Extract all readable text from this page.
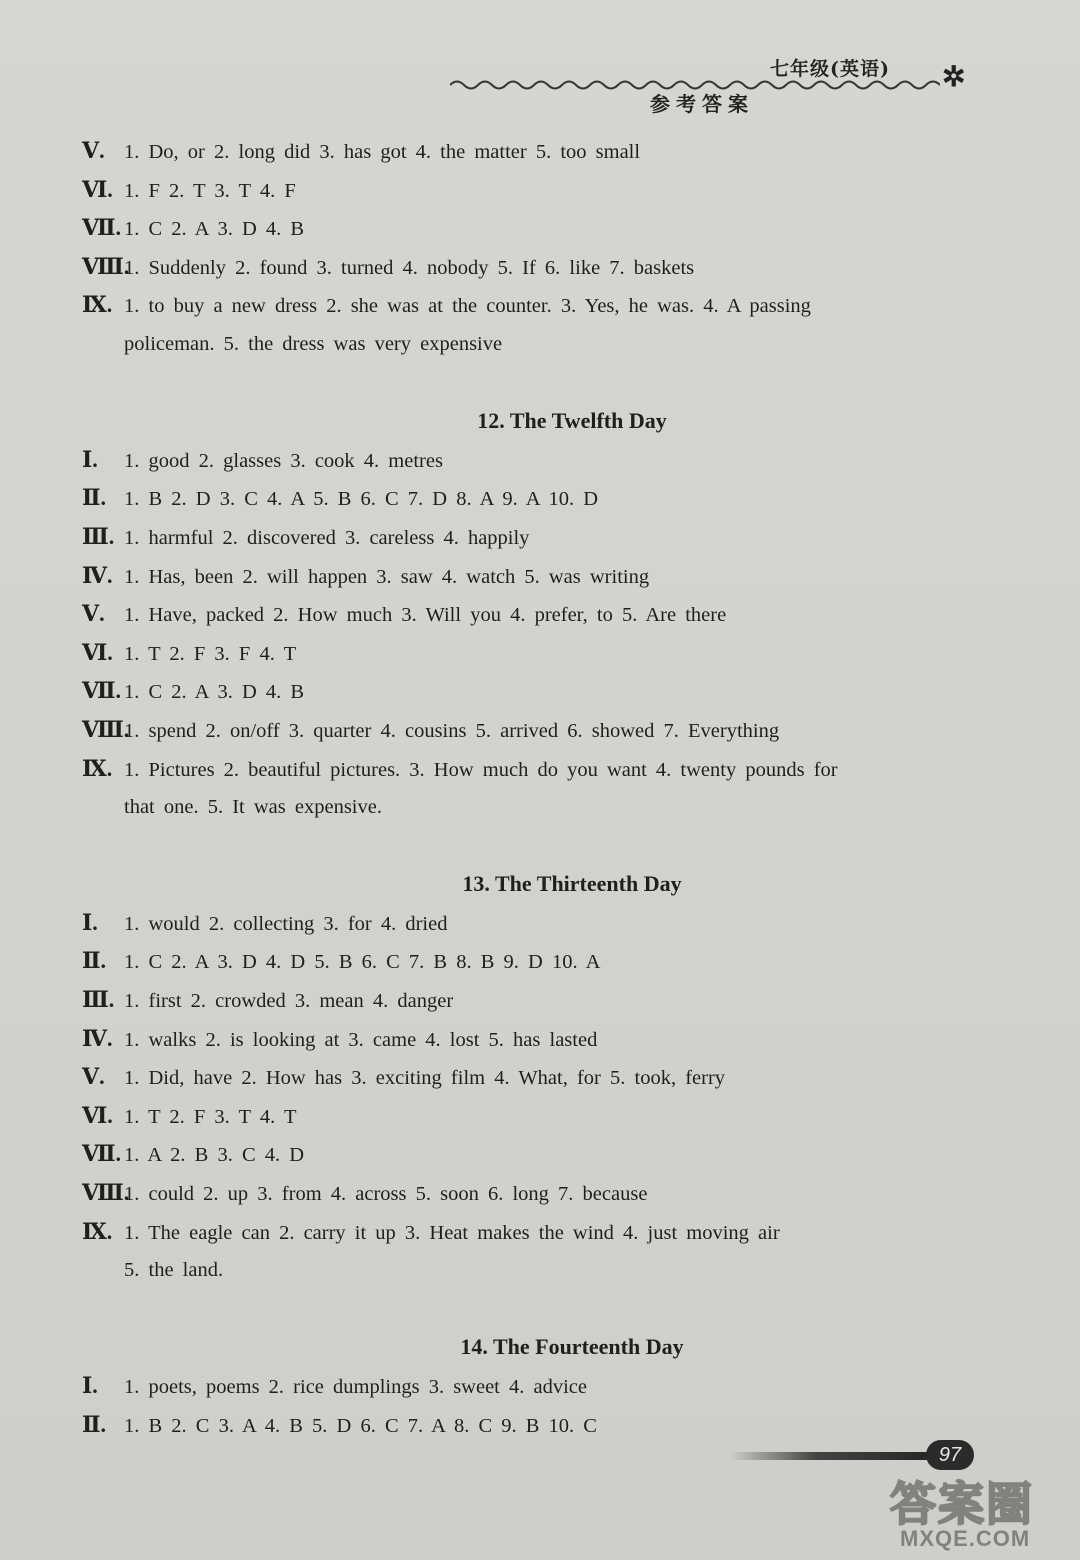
七年级(英语) ✲
参考答案
Ⅴ. 1. Do, or 2. long did 3. has got 4. the matter 5. too small
Ⅵ. 1. F 2. T 3. T 4. F
Ⅶ. 1. C 2. A 3. D 4. B
Ⅷ.1. Suddenly 2. found 3. turned 4. nobody 5. If 6. like 7. baskets
Ⅸ. 1. to buy a new dress 2. she was at the counter. 3. Yes, he was. 4. A passing
policeman. 5. the dress was very expensive
12. The Twelfth Day
Ⅰ. 1. good 2. glasses 3. cook 4. metres
Ⅱ. 1. B 2. D 3. C 4. A 5. B 6. C 7. D 8. A 9. A 10. D
Ⅲ. 1. harmful 2. discovered 3. careless 4. happily
Ⅳ. 1. Has, been 2. will happen 3. saw 4. watch 5. was writing
Ⅴ. 1. Have, packed 2. How much 3. Will you 4. prefer, to 5. Are there
Ⅵ. 1. T 2. F 3. F 4. T
Ⅶ. 1. C 2. A 3. D 4. B
Ⅷ.1. spend 2. on/off 3. quarter 4. cousins 5. arrived 6. showed 7. Everything
Ⅸ. 1. Pictures 2. beautiful pictures. 3. How much do you want 4. twenty pounds for
that one. 5. It was expensive.
13. The Thirteenth Day
Ⅰ. 1. would 2. collecting 3. for 4. dried
Ⅱ. 1. C 2. A 3. D 4. D 5. B 6. C 7. B 8. B 9. D 10. A
Ⅲ. 1. first 2. crowded 3. mean 4. danger
Ⅳ. 1. walks 2. is looking at 3. came 4. lost 5. has lasted
Ⅴ. 1. Did, have 2. How has 3. exciting film 4. What, for 5. took, ferry
Ⅵ. 1. T 2. F 3. T 4. T
Ⅶ. 1. A 2. B 3. C 4. D
Ⅷ.1. could 2. up 3. from 4. across 5. soon 6. long 7. because
Ⅸ. 1. The eagle can 2. carry it up 3. Heat makes the wind 4. just moving air
5. the land.
14. The Fourteenth Day
Ⅰ. 1. poets, poems 2. rice dumplings 3. sweet 4. advice
Ⅱ. 1. B 2. C 3. A 4. B 5. D 6. C 7. A 8. C 9. B 10. C
97
答案圈
MXQE.COM
